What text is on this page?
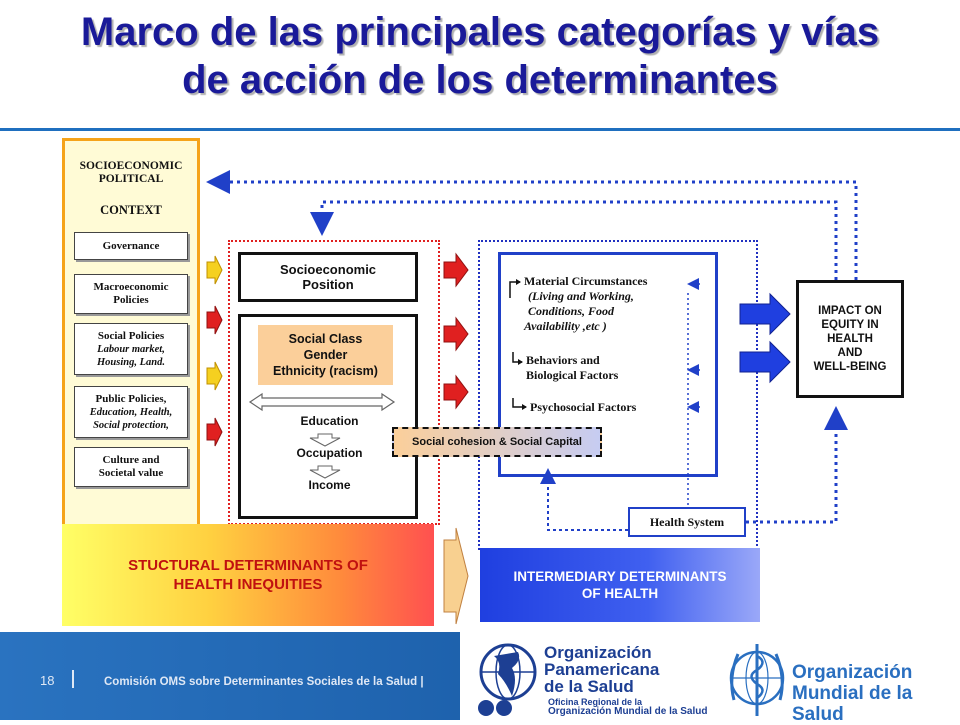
Marco de las principales categorías y vías
de acción de los determinantes
SOCIOECONOMIC
POLITICAL
CONTEXT
Governance
Macroeconomic
Policies
Social Policies
Labour market,
Housing, Land.
Public Policies,
Education, Health,
Social protection,
Culture and
Societal value
Socioeconomic
Position
Social Class
Gender
Ethnicity (racism)
Education
Occupation
Income
Material Circumstances
(Living and Working,
Conditions, Food
Availability ,etc )
Behaviors and
Biological Factors
Psychosocial Factors
Social cohesion & Social Capital
IMPACT ON
EQUITY IN
HEALTH
AND
WELL-BEING
Health System
STUCTURAL DETERMINANTS OF
HEALTH INEQUITIES	INTERMEDIARY DETERMINANTS
OF HEALTH
18	Comisión OMS sobre Determinantes Sociales de la Salud |
Organización
Panamericana
de la Salud
Oficina Regional de la
Organización Mundial de la Salud
Organización
Mundial de la Salud
